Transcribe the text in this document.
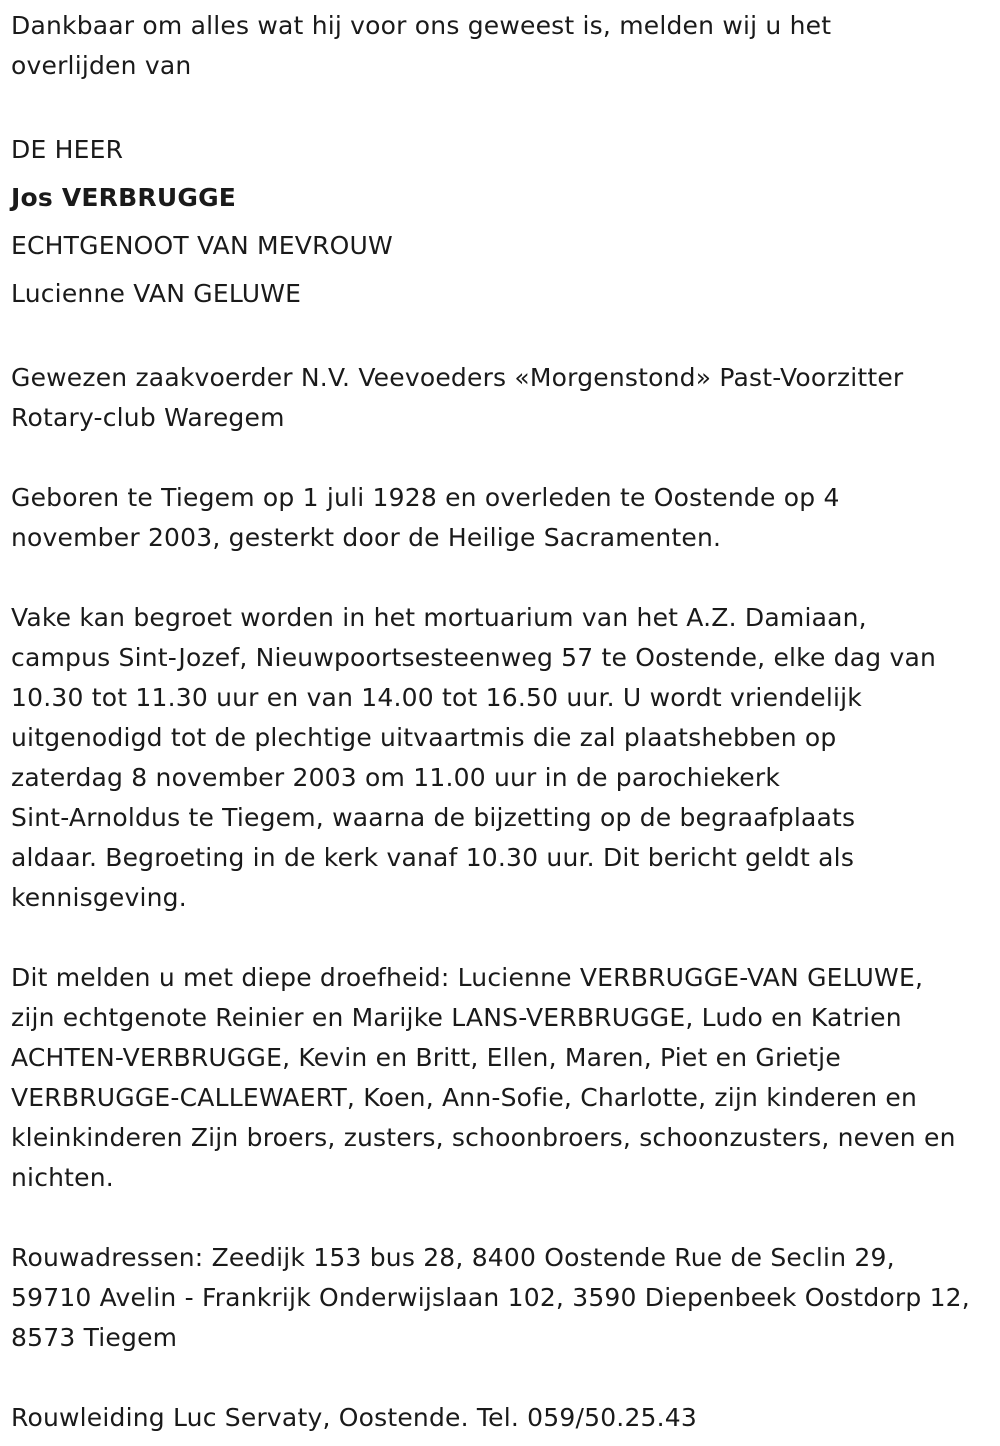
Dankbaar om alles wat hij voor ons geweest is, melden wij u het

overlijden van

DE HEER

Jos VERBRUGGE

ECHTGENOOT VAN MEVROUW

Lucienne VAN GELUWE

Gewezen zaakvoerder N.V. Veevoeders «Morgenstond» Past-Voorzitter

Rotary-club Waregem

Geboren te Tiegem op 1 juli 1928 en overleden te Oostende op 4

november 2003, gesterkt door de Heilige Sacramenten.

Vake kan begroet worden in het mortuarium van het A.Z. Damiaan,

campus Sint-Jozef, Nieuwpoortsesteenweg 57 te Oostende, elke dag van

10.30 tot 11.30 uur en van 14.00 tot 16.50 uur. U wordt vriendelijk

uitgenodigd tot de plechtige uitvaartmis die zal plaatshebben op

zaterdag 8 november 2003 om 11.00 uur in de parochiekerk

Sint-Arnoldus te Tiegem, waarna de bijzetting op de begraafplaats

aldaar. Begroeting in de kerk vanaf 10.30 uur. Dit bericht geldt als

kennisgeving.

Dit melden u met diepe droefheid: Lucienne VERBRUGGE-VAN GELUWE,

zijn echtgenote Reinier en Marijke LANS-VERBRUGGE, Ludo en Katrien

ACHTEN-VERBRUGGE, Kevin en Britt, Ellen, Maren, Piet en Grietje

VERBRUGGE-CALLEWAERT, Koen, Ann-Sofie, Charlotte, zijn kinderen en

kleinkinderen Zijn broers, zusters, schoonbroers, schoonzusters, neven en

nichten.

Rouwadressen: Zeedijk 153 bus 28, 8400 Oostende Rue de Seclin 29,

59710 Avelin - Frankrijk Onderwijslaan 102, 3590 Diepenbeek Oostdorp 12,

8573 Tiegem

Rouwleiding Luc Servaty, Oostende. Tel. 059/50.25.43
